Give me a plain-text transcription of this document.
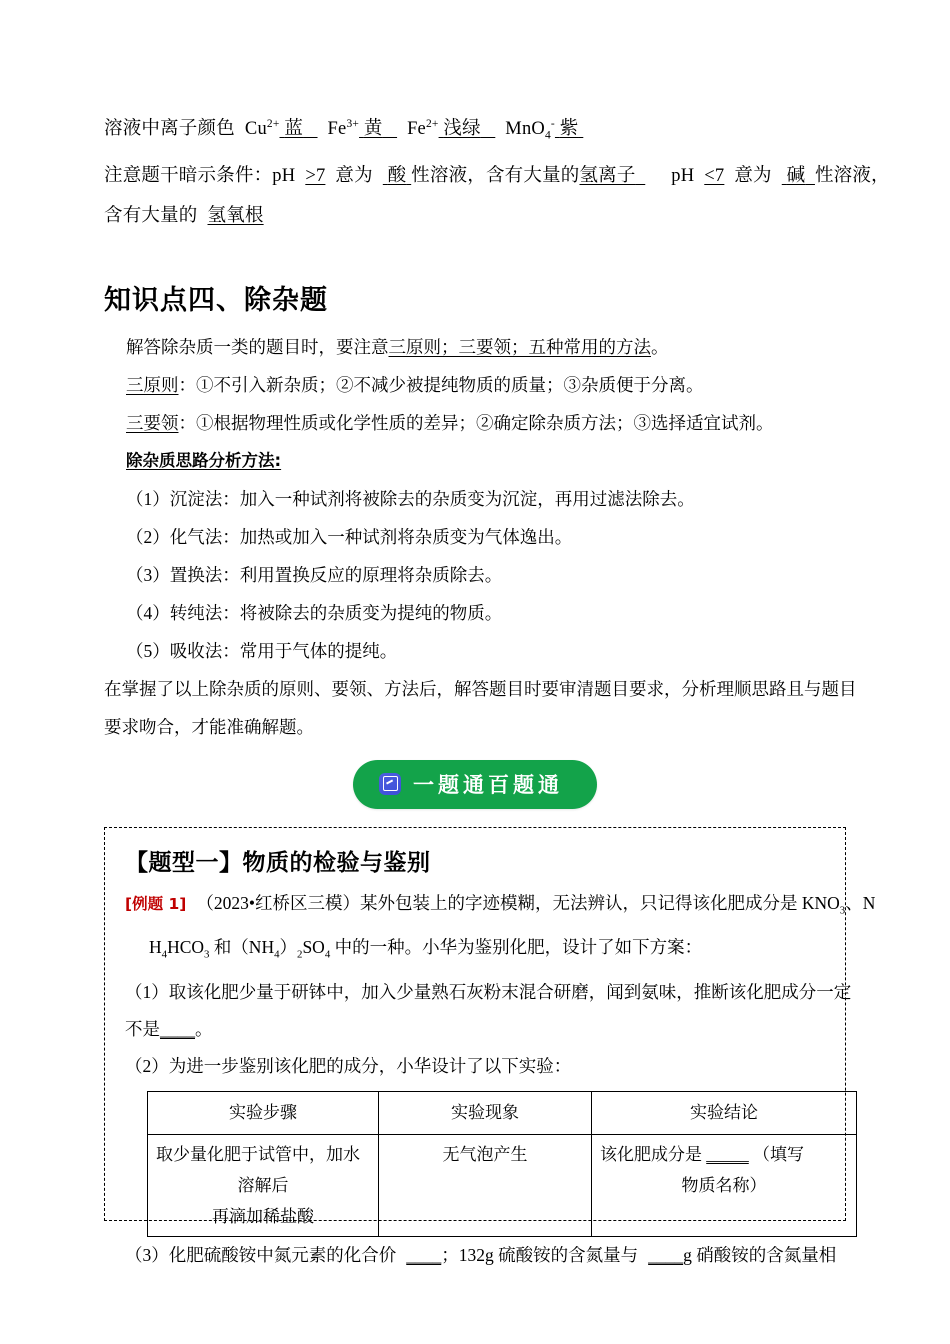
溶液中离子颜色 $Cu^{2+}$ 蓝 $Fe^{3+}$ 黄 $Fe^{2+}$ 浅绿 MnO$_4$- 紫
注意题干暗示条件：pH >7 意为 酸 性溶液，含有大量的氢离子 pH <7 意为 碱 性溶液，
含有大量的 氢氧根
知识点四、除杂题
解答除杂质一类的题目时，要注意三原则；三要领；五种常用的方法。
三原则：①不引入新杂质；②不减少被提纯物质的质量；③杂质便于分离。
三要领：①根据物理性质或化学性质的差异；②确定除杂质方法；③选择适宜试剂。
除杂质思路分析方法:
（1）沉淀法：加入一种试剂将被除去的杂质变为沉淀，再用过滤法除去。
（2）化气法：加热或加入一种试剂将杂质变为气体逸出。
（3）置换法：利用置换反应的原理将杂质除去。
（4）转纯法：将被除去的杂质变为提纯的物质。
（5）吸收法：常用于气体的提纯。
在掌握了以上除杂质的原则、要领、方法后，解答题目时要审清题目要求，分析理顺思路且与题目
要求吻合，才能准确解题。
一题通百题通
【题型一】物质的检验与鉴别
[例题 1] （2023•红桥区三模）某外包装上的字迹模糊，无法辨认，只记得该化肥成分是 $KNO_3$、N
$H_4HCO_3$ 和$(NH_4)_2SO_4$ 中的一种。小华为鉴别化肥，设计了如下方案：
（1）取该化肥少量于研钵中，加入少量熟石灰粉末混合研磨，闻到氨味，推断该化肥成分一定
不是____。
（2）为进一步鉴别该化肥的成分，小华设计了以下实验：
实验步骤	实验现象	实验结论

取少量化肥于试管中，加水
溶解后
再滴加稀盐酸	无气泡产生	该化肥成分是 _____ （填写
物质名称）
（3）化肥硫酸铵中氮元素的化合价 ____；132g 硫酸铵的含氮量与 ____g 硝酸铵的含氮量相
